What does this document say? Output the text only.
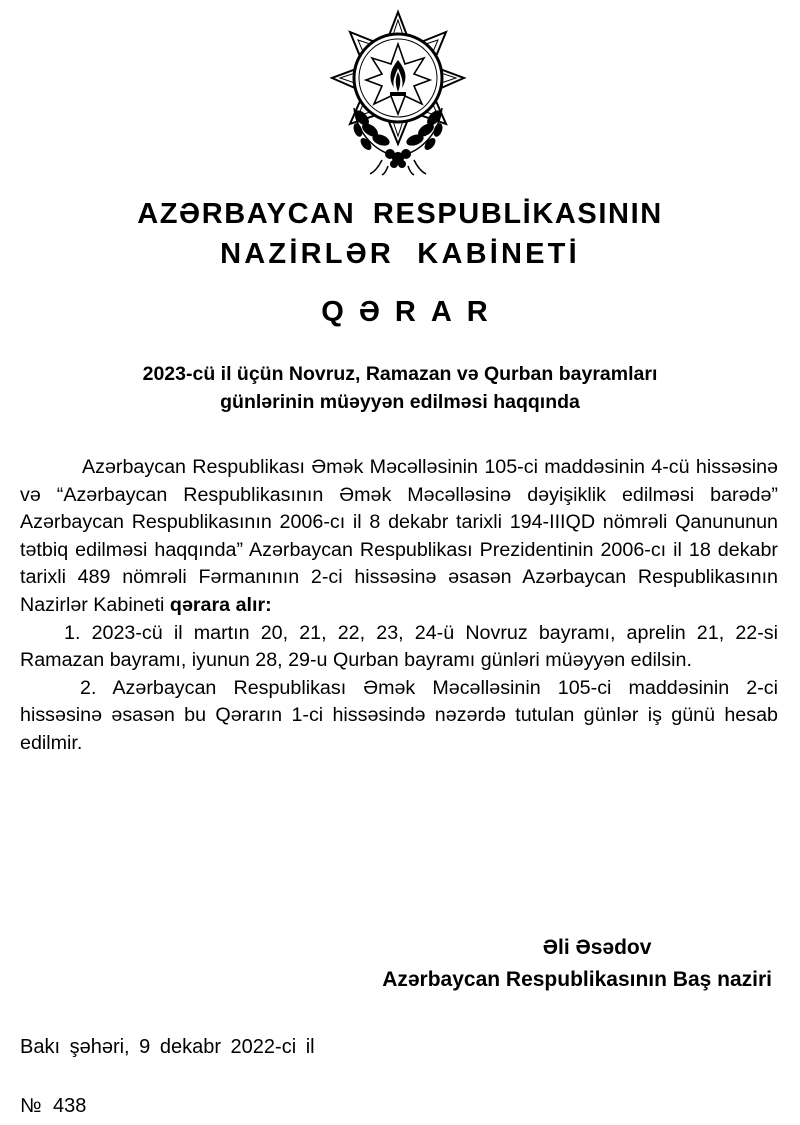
AZƏRBAYCAN RESPUBLİKASININ
NAZİRLƏR KABİNETİ
QƏRAR
2023-cü il üçün Novruz, Ramazan və Qurban bayramları
günlərinin müəyyən edilməsi haqqında

Azərbaycan Respublikası Əmək Məcəlləsinin 105-ci maddəsinin 4-cü hissəsinə və “Azərbaycan Respublikasının Əmək Məcəlləsinə dəyişiklik edilməsi barədə” Azərbaycan Respublikasının 2006-cı il 8 dekabr tarixli 194-IIIQD nömrəli Qanununun tətbiq edilməsi haqqında” Azərbaycan Respublikası Prezidentinin 2006-cı il 18 dekabr tarixli 489 nömrəli Fərmanının 2-ci hissəsinə əsasən Azərbaycan Respublikasının Nazirlər Kabineti qərara alır:

1. 2023-cü il martın 20, 21, 22, 23, 24-ü Novruz bayramı, aprelin 21, 22-si Ramazan bayramı, iyunun 28, 29-u Qurban bayramı günləri müəyyən edilsin.

2. Azərbaycan Respublikası Əmək Məcəlləsinin 105-ci maddəsinin 2-ci hissəsinə əsasən bu Qərarın 1-ci hissəsində nəzərdə tutulan günlər iş günü hesab edilmir.

Əli Əsədov
Azərbaycan Respublikasının Baş naziri
Bakı şəhəri, 9 dekabr 2022-ci il
№ 438
